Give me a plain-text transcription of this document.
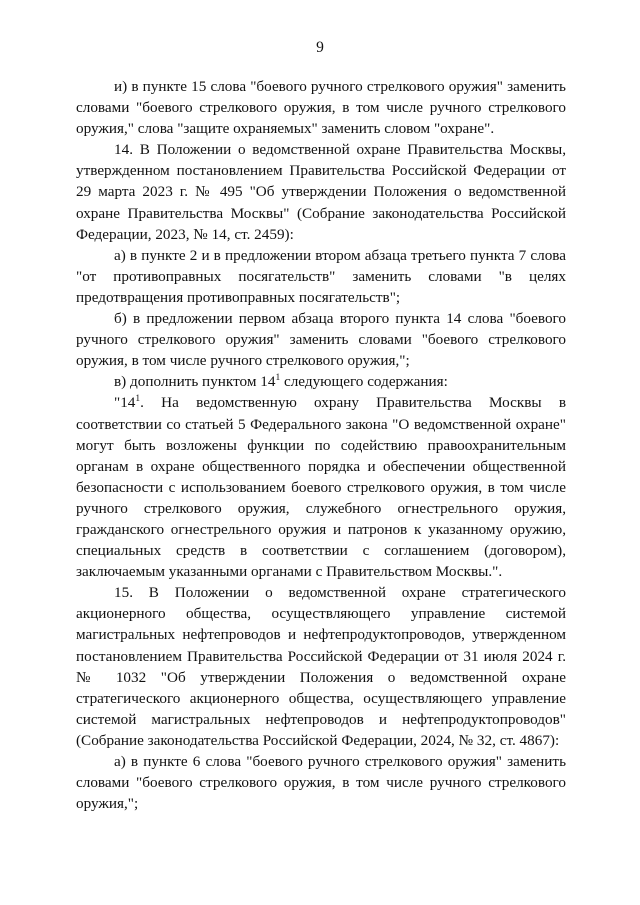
9

и) в пункте 15 слова "боевого ручного стрелкового оружия" заменить словами "боевого стрелкового оружия, в том числе ручного стрелкового оружия," слова "защите охраняемых" заменить словом "охране".

14. В Положении о ведомственной охране Правительства Москвы, утвержденном постановлением Правительства Российской Федерации от 29 марта 2023 г. № 495 "Об утверждении Положения о ведомственной охране Правительства Москвы" (Собрание законодательства Российской Федерации, 2023, № 14, ст. 2459):

а) в пункте 2 и в предложении втором абзаца третьего пункта 7 слова "от противоправных посягательств" заменить словами "в целях предотвращения противоправных посягательств";

б) в предложении первом абзаца второго пункта 14 слова "боевого ручного стрелкового оружия" заменить словами "боевого стрелкового оружия, в том числе ручного стрелкового оружия,";

в) дополнить пунктом $14^1$ следующего содержания:

"$14^1$. На ведомственную охрану Правительства Москвы в соответствии со статьей 5 Федерального закона "О ведомственной охране" могут быть возложены функции по содействию правоохранительным органам в охране общественного порядка и обеспечении общественной безопасности с использованием боевого стрелкового оружия, в том числе ручного стрелкового оружия, служебного огнестрельного оружия, гражданского огнестрельного оружия и патронов к указанному оружию, специальных средств в соответствии с соглашением (договором), заключаемым указанными органами с Правительством Москвы.".

15. В Положении о ведомственной охране стратегического акционерного общества, осуществляющего управление системой магистральных нефтепроводов и нефтепродуктопроводов, утвержденном постановлением Правительства Российской Федерации от 31 июля 2024 г. № 1032 "Об утверждении Положения о ведомственной охране стратегического акционерного общества, осуществляющего управление системой магистральных нефтепроводов и нефтепродуктопроводов" (Собрание законодательства Российской Федерации, 2024, № 32, ст. 4867):

а) в пункте 6 слова "боевого ручного стрелкового оружия" заменить словами "боевого стрелкового оружия, в том числе ручного стрелкового оружия,";
